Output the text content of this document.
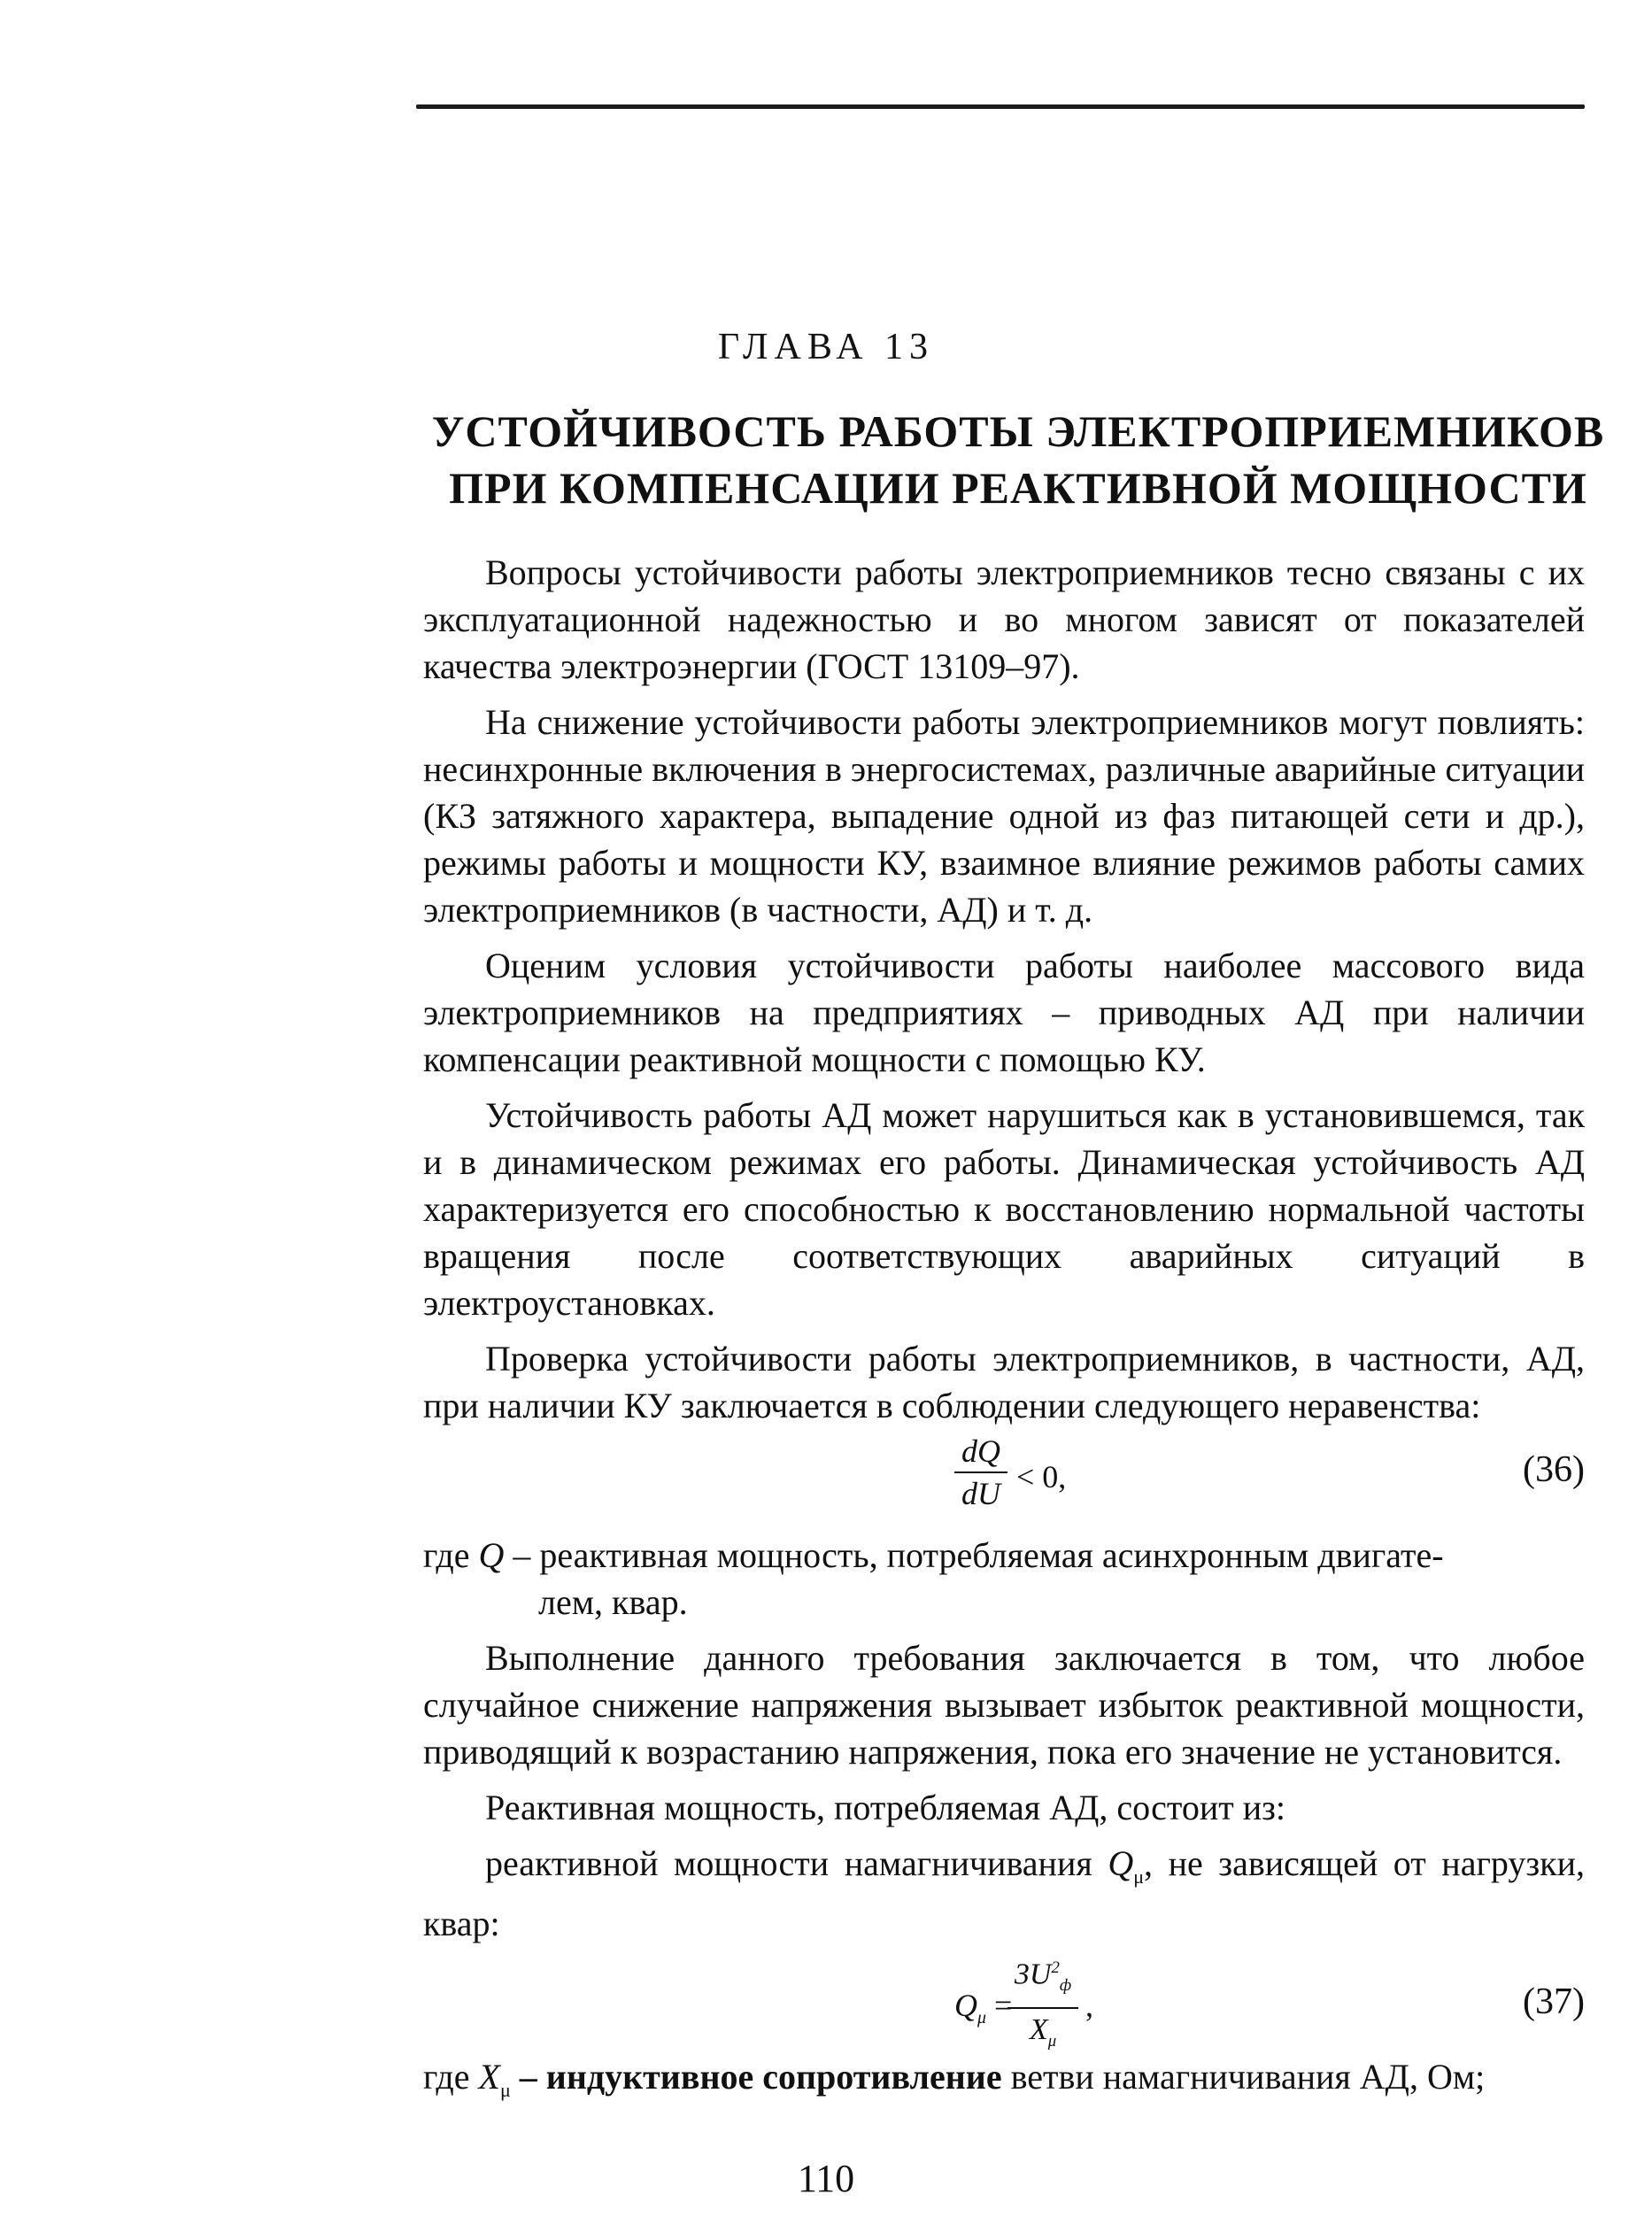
ГЛАВА 13
УСТОЙЧИВОСТЬ РАБОТЫ ЭЛЕКТРОПРИЕМНИКОВ
ПРИ КОМПЕНСАЦИИ РЕАКТИВНОЙ МОЩНОСТИ

Вопросы устойчивости работы электроприемников тесно связаны с их эксплуатационной надежностью и во многом зависят от показателей качества электроэнергии (ГОСТ 13109–97).

На снижение устойчивости работы электроприемников могут повлиять: несинхронные включения в энергосистемах, различные аварийные ситуации (КЗ затяжного характера, выпадение одной из фаз питающей сети и др.), режимы работы и мощности КУ, взаимное влияние режимов работы самих электроприемников (в частности, АД) и т. д.

Оценим условия устойчивости работы наиболее массового вида электроприемников на предприятиях – приводных АД при наличии компенсации реактивной мощности с помощью КУ.

Устойчивость работы АД может нарушиться как в установившемся, так и в динамическом режимах его работы. Динамическая устойчивость АД характеризуется его способностью к восстановлению нормальной частоты вращения после соответствующих аварийных ситуаций в электроустановках.

Проверка устойчивости работы электроприемников, в частности, АД, при наличии КУ заключается в соблюдении следующего неравенства:

$\frac{dQ}{dU} < 0$,	(36)

где Q – реактивная мощность, потребляемая асинхронным двигате-
лем, квар.

Выполнение данного требования заключается в том, что любое случайное снижение напряжения вызывает избыток реактивной мощности, приводящий к возрастанию напряжения, пока его значение не установится.

Реактивная мощность, потребляемая АД, состоит из:

реактивной мощности намагничивания $Q_\mu$, не зависящей от нагрузки, квар:

$Q_\mu$ =
$3U^2_ф$
$X_\mu$
,	(37)

где $X_\mu$ – индуктивное сопротивление ветви намагничивания АД, Ом;

110
